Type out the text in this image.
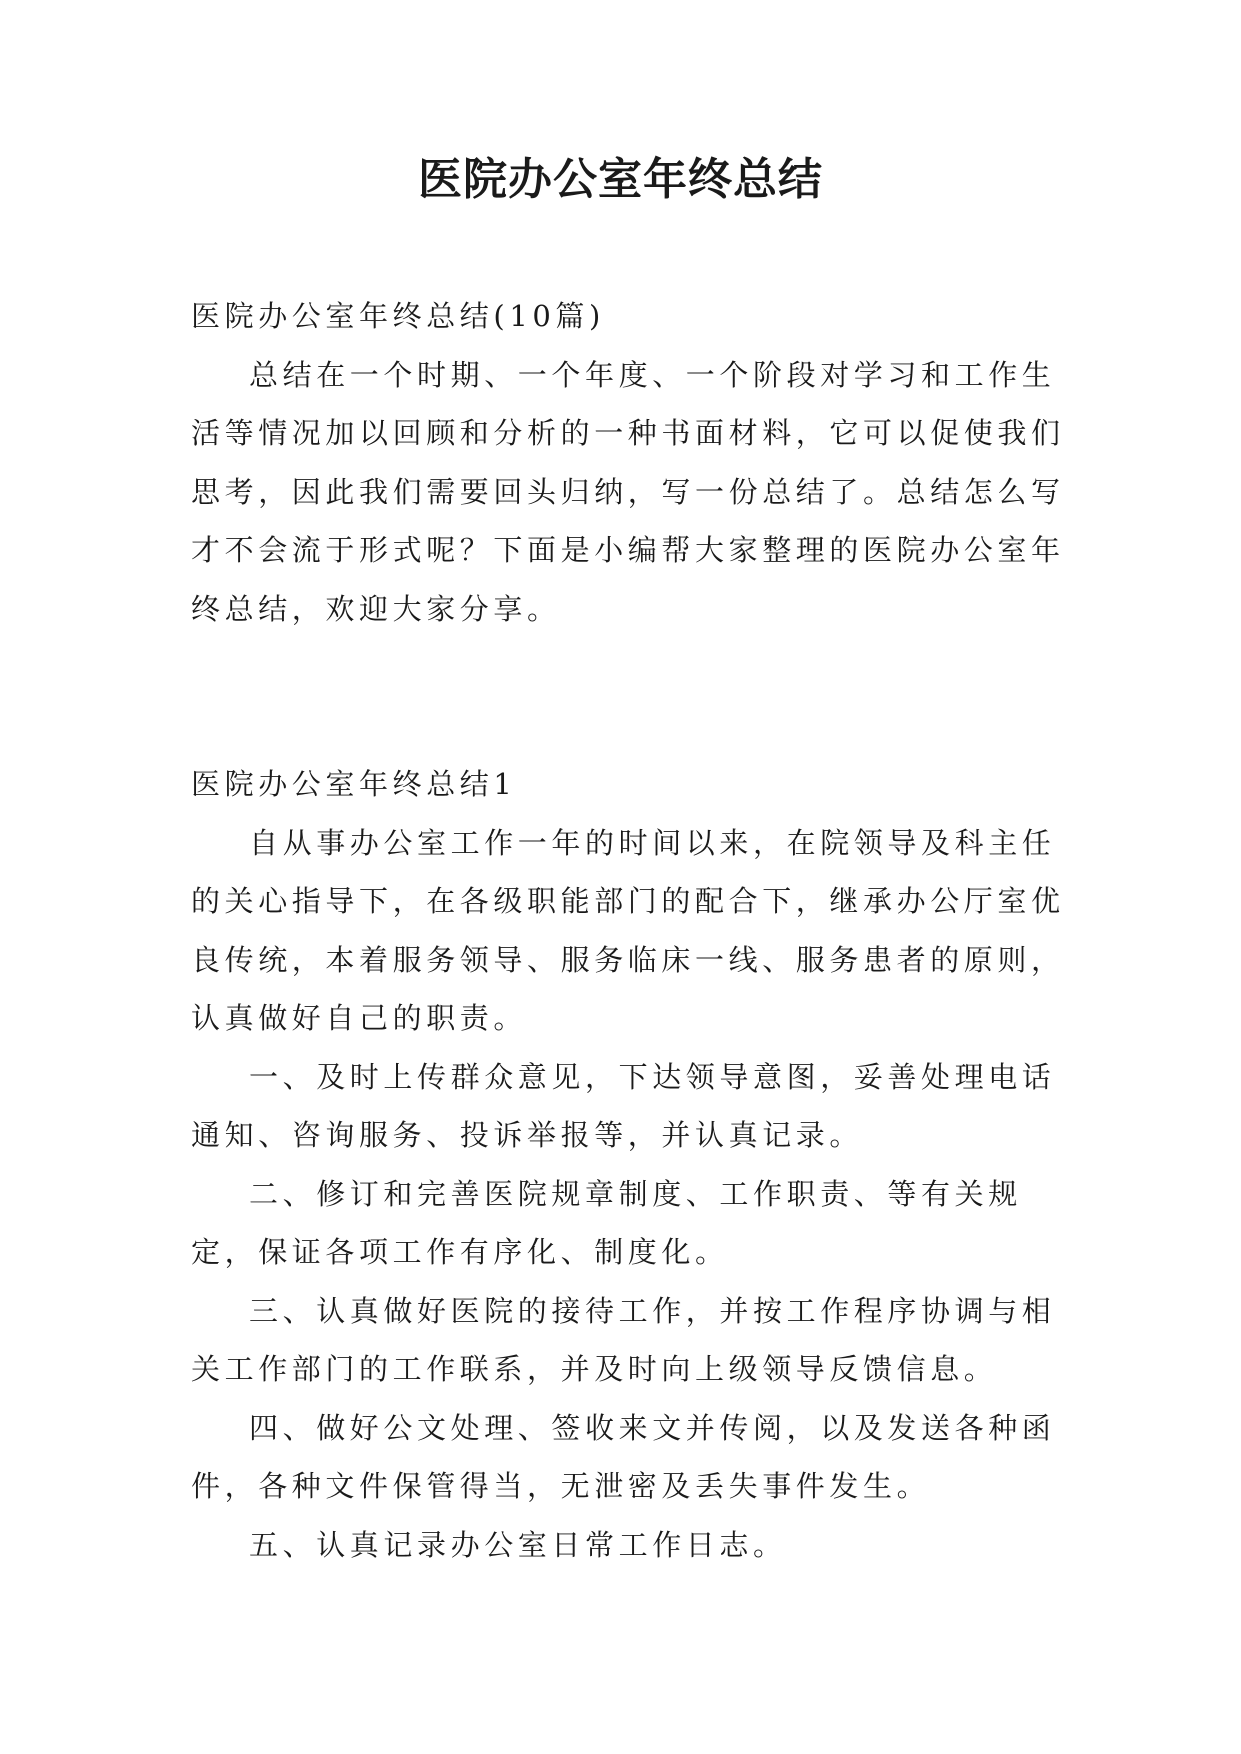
医院办公室年终总结

医院办公室年终总结(10篇)

总结在一个时期、一个年度、一个阶段对学习和工作生活等情况加以回顾和分析的一种书面材料，它可以促使我们思考，因此我们需要回头归纳，写一份总结了。总结怎么写才不会流于形式呢？下面是小编帮大家整理的医院办公室年终总结，欢迎大家分享。

医院办公室年终总结1

自从事办公室工作一年的时间以来，在院领导及科主任的关心指导下，在各级职能部门的配合下，继承办公厅室优良传统，本着服务领导、服务临床一线、服务患者的原则，认真做好自己的职责。

一、及时上传群众意见，下达领导意图，妥善处理电话通知、咨询服务、投诉举报等，并认真记录。

二、修订和完善医院规章制度、工作职责、等有关规定，保证各项工作有序化、制度化。

三、认真做好医院的接待工作，并按工作程序协调与相关工作部门的工作联系，并及时向上级领导反馈信息。

四、做好公文处理、签收来文并传阅，以及发送各种函件，各种文件保管得当，无泄密及丢失事件发生。

五、认真记录办公室日常工作日志。
